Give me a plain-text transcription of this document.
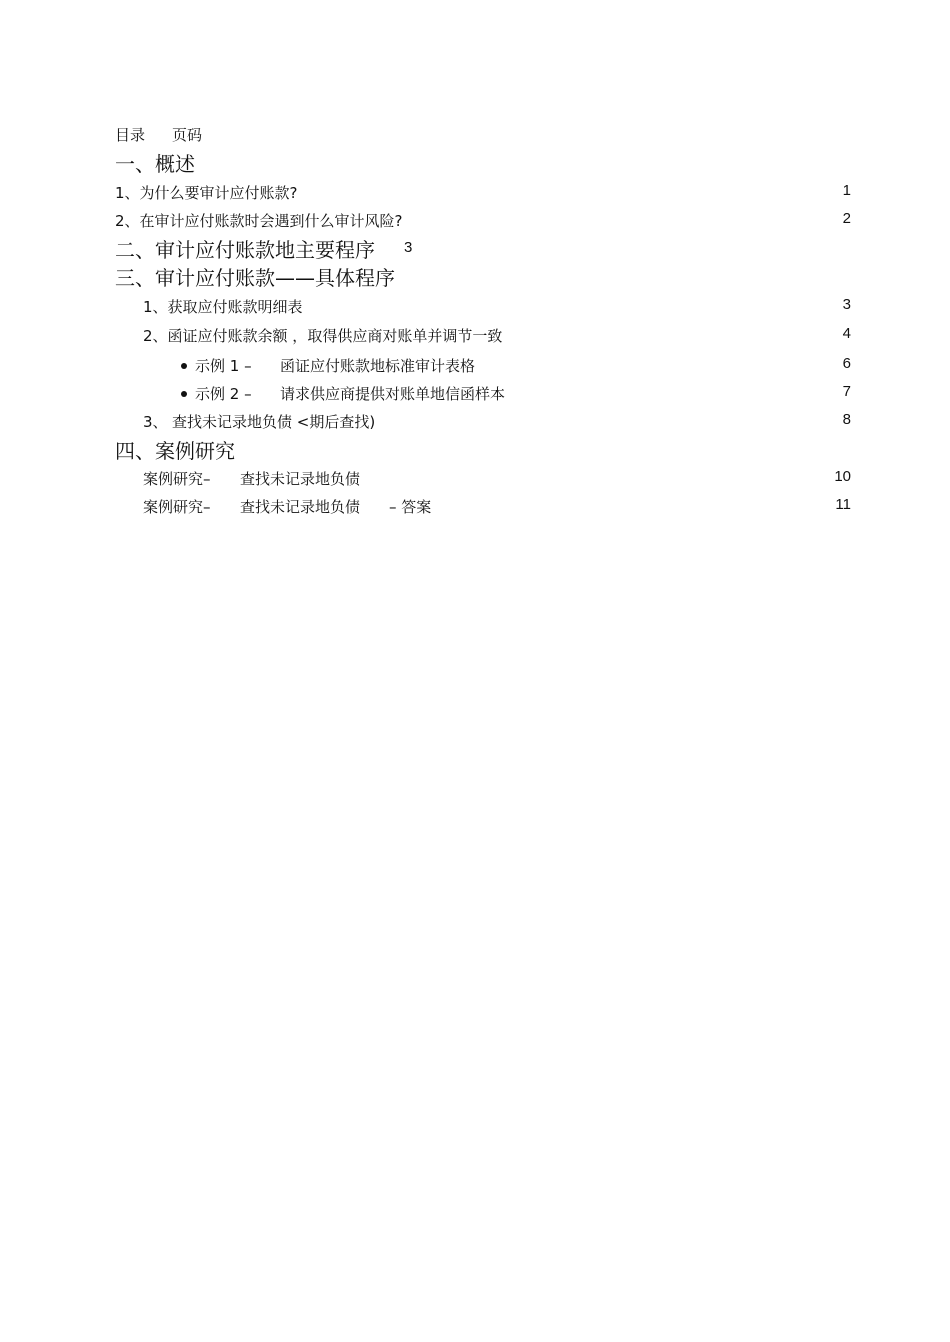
目录 页码
一、概述
1、为什么要审计应付账款?	1
2、在审计应付账款时会遇到什么审计风险?	2
二、审计应付账款地主要程序 3
三、审计应付账款——具体程序
1、获取应付账款明细表	3
2、函证应付账款余额 ，取得供应商对账单并调节一致	4
示例 1 – 函证应付账款地标准审计表格	6
示例 2 – 请求供应商提供对账单地信函样本	7
3、 查找未记录地负债 <期后查找)	8
四、案例研究
案例研究– 查找未记录地负债	10
案例研究– 查找未记录地负债 – 答案	11
